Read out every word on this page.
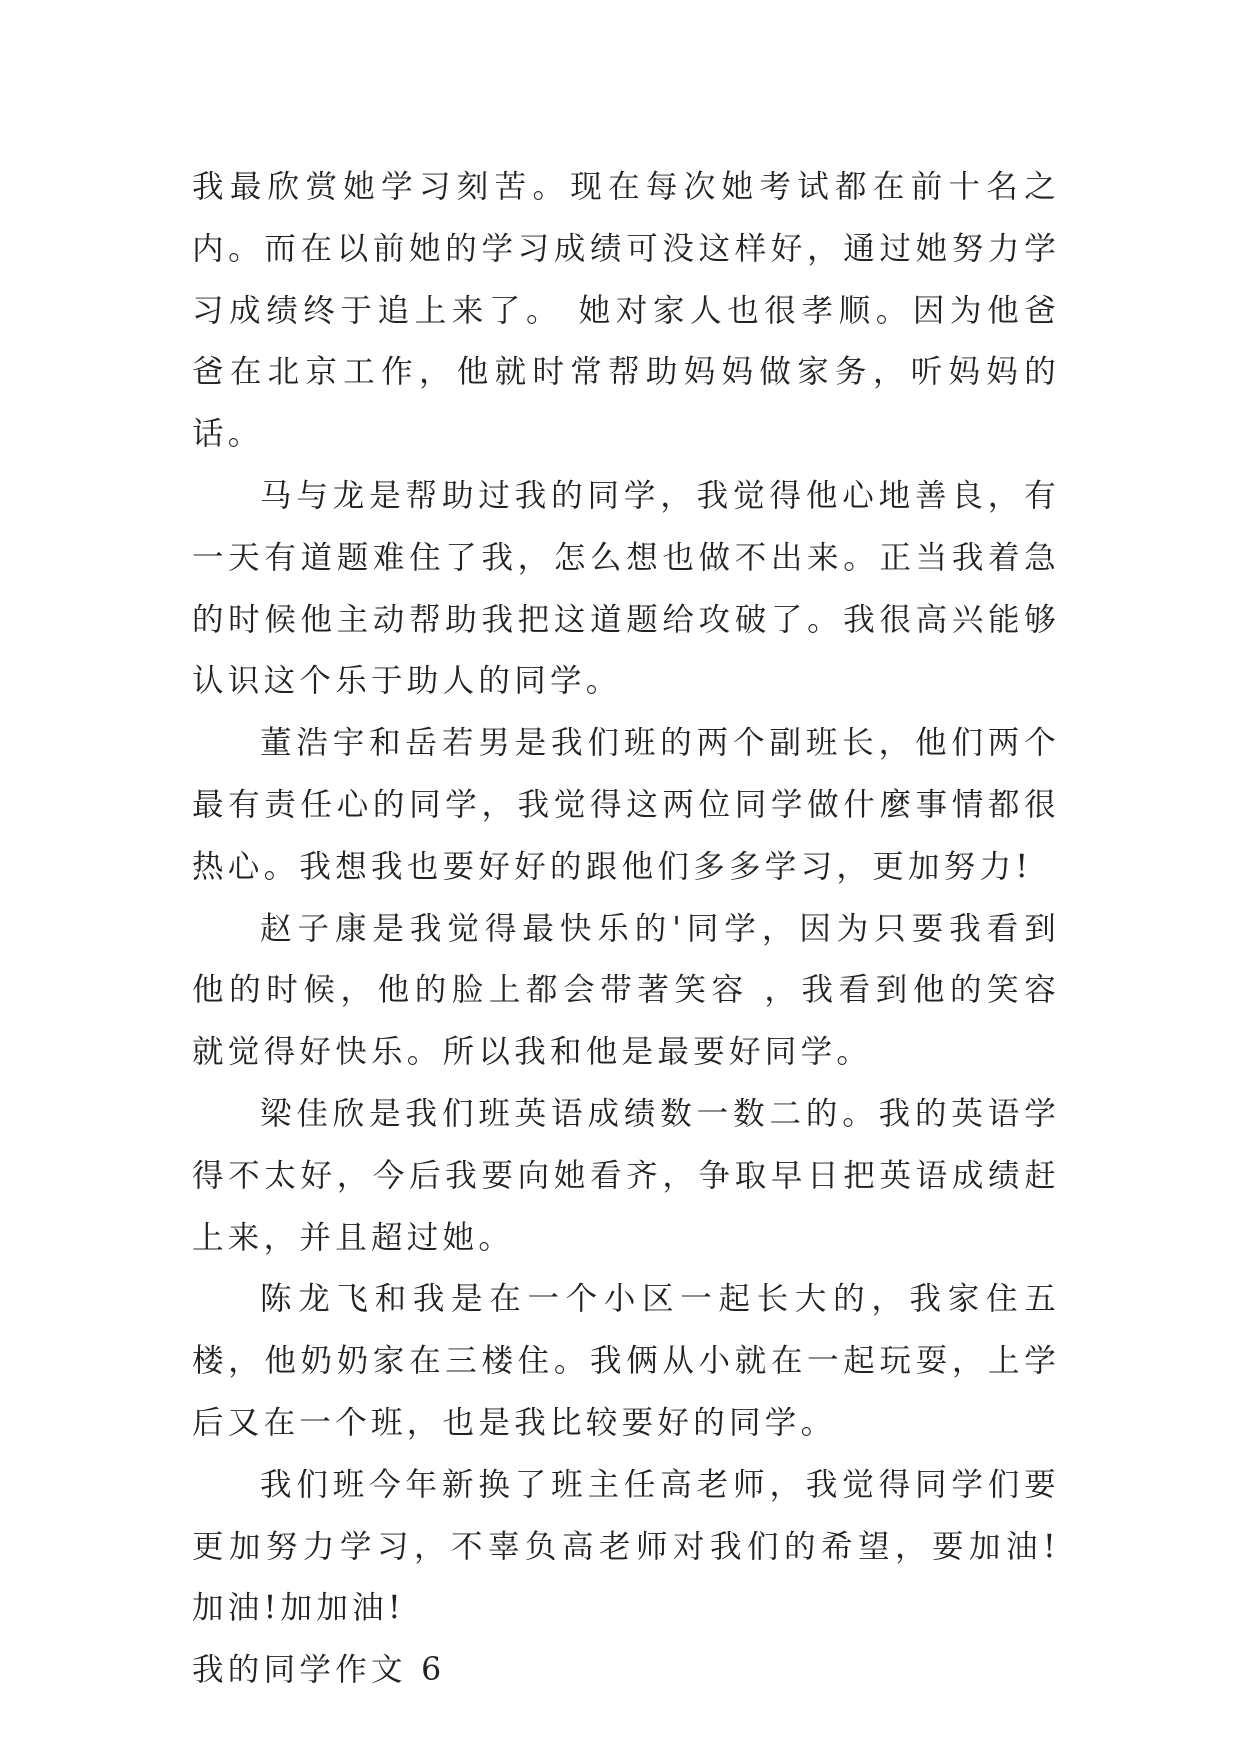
我最欣赏她学习刻苦。现在每次她考试都在前十名之内。而在以前她的学习成绩可没这样好，通过她努力学习成绩终于追上来了。 她对家人也很孝顺。因为他爸爸在北京工作，他就时常帮助妈妈做家务，听妈妈的话。

马与龙是帮助过我的同学，我觉得他心地善良，有一天有道题难住了我，怎么想也做不出来。正当我着急的时候他主动帮助我把这道题给攻破了。我很高兴能够认识这个乐于助人的同学。

董浩宇和岳若男是我们班的两个副班长，他们两个最有责任心的同学，我觉得这两位同学做什麼事情都很热心。我想我也要好好的跟他们多多学习，更加努力!

赵子康是我觉得最快乐的'同学，因为只要我看到他的时候，他的脸上都会带著笑容 ，我看到他的笑容就觉得好快乐。所以我和他是最要好同学。

梁佳欣是我们班英语成绩数一数二的。我的英语学得不太好，今后我要向她看齐，争取早日把英语成绩赶上来，并且超过她。

陈龙飞和我是在一个小区一起长大的，我家住五楼，他奶奶家在三楼住。我俩从小就在一起玩耍，上学后又在一个班，也是我比较要好的同学。

我们班今年新换了班主任高老师，我觉得同学们要更加努力学习，不辜负高老师对我们的希望，要加油!加油!加加油!

我的同学作文 6
